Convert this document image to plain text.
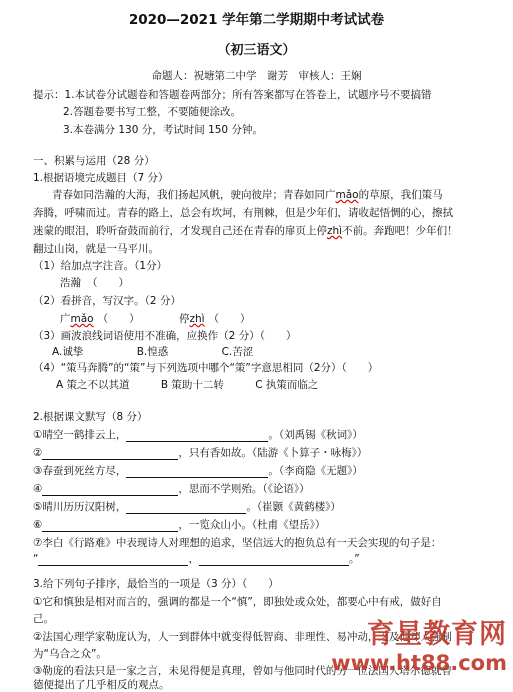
2020—2021 学年第二学期期中考试试卷
（初三语文）
命题人：祝塘第二中学　谢芳　审核人：王娴
提示：1.本试卷分试题卷和答题卷两部分；所有答案都写在答卷上，试题序号不要搞错
2.答题卷要书写工整，不要随便涂改。
3.本卷满分 130 分，考试时间 150 分钟。
一、积累与运用（28 分）
1.根据语境完成题目（7 分）
青春如同浩瀚的大海，我们扬起风帆，驶向彼岸；青春如同广mǎo的草原，我们策马
奔腾，呼啸而过。青春的路上，总会有坎坷，有荆棘，但是少年们，请收起悟惆的心，擦拭
迷蒙的眼泪，聆听奋鼓而前行，才发现自己还在青春的扉页上停zhì不前。奔跑吧！少年们！
翻过山岗，就是一马平川。
（1）给加点字注音。（1分）
浩瀚 （　　）
（2）看拼音，写汉字。（2 分）
广mǎo （　　）	停zhì （　　）
（3）画波浪线词语使用不准确，应换作（2 分）（　　）
A.诚挚	B.惶惑	C.苦涩
（4）“策马奔腾”的“策”与下列选项中哪个“策”字意思相同（2分）（　　）
A 策之不以其道	B 策助十二转	C 执策而临之
2.根据课文默写（8 分）
①晴空一鹤排云上，	。（刘禹锡《秋词》）
②	，只有香如故。（陆游《卜算子・咏梅》）
③春蚕到死丝方尽，	。（李商隐《无题》）
④	，思而不学则殆。（《论语》）
⑤晴川历历汉阳树，	。（崔颢《黄鹤楼》）
⑥	，一览众山小。（杜甫《望岳》）
⑦李白《行路难》中表现诗人对理想的追求，坚信远大的抱负总有一天会实现的句子是：
“	，	。”
3.给下列句子排序，最恰当的一项是（3 分）（　　）
①它和慎独是相对而言的，强调的都是一个“慎”，即独处或众处，都要心中有戒，做好自
己。
②法国心理学家勒庞认为，人一到群体中就变得低智商、非理性、易冲动，乏及他却人强制
为“乌合之众”。
③勒庞的看法只是一家之言，未见得便是真理，曾如与他同时代的另一位法国人塔尔德就曾
德便提出了几乎相反的观点。
育星教育网
www.ht88.com
